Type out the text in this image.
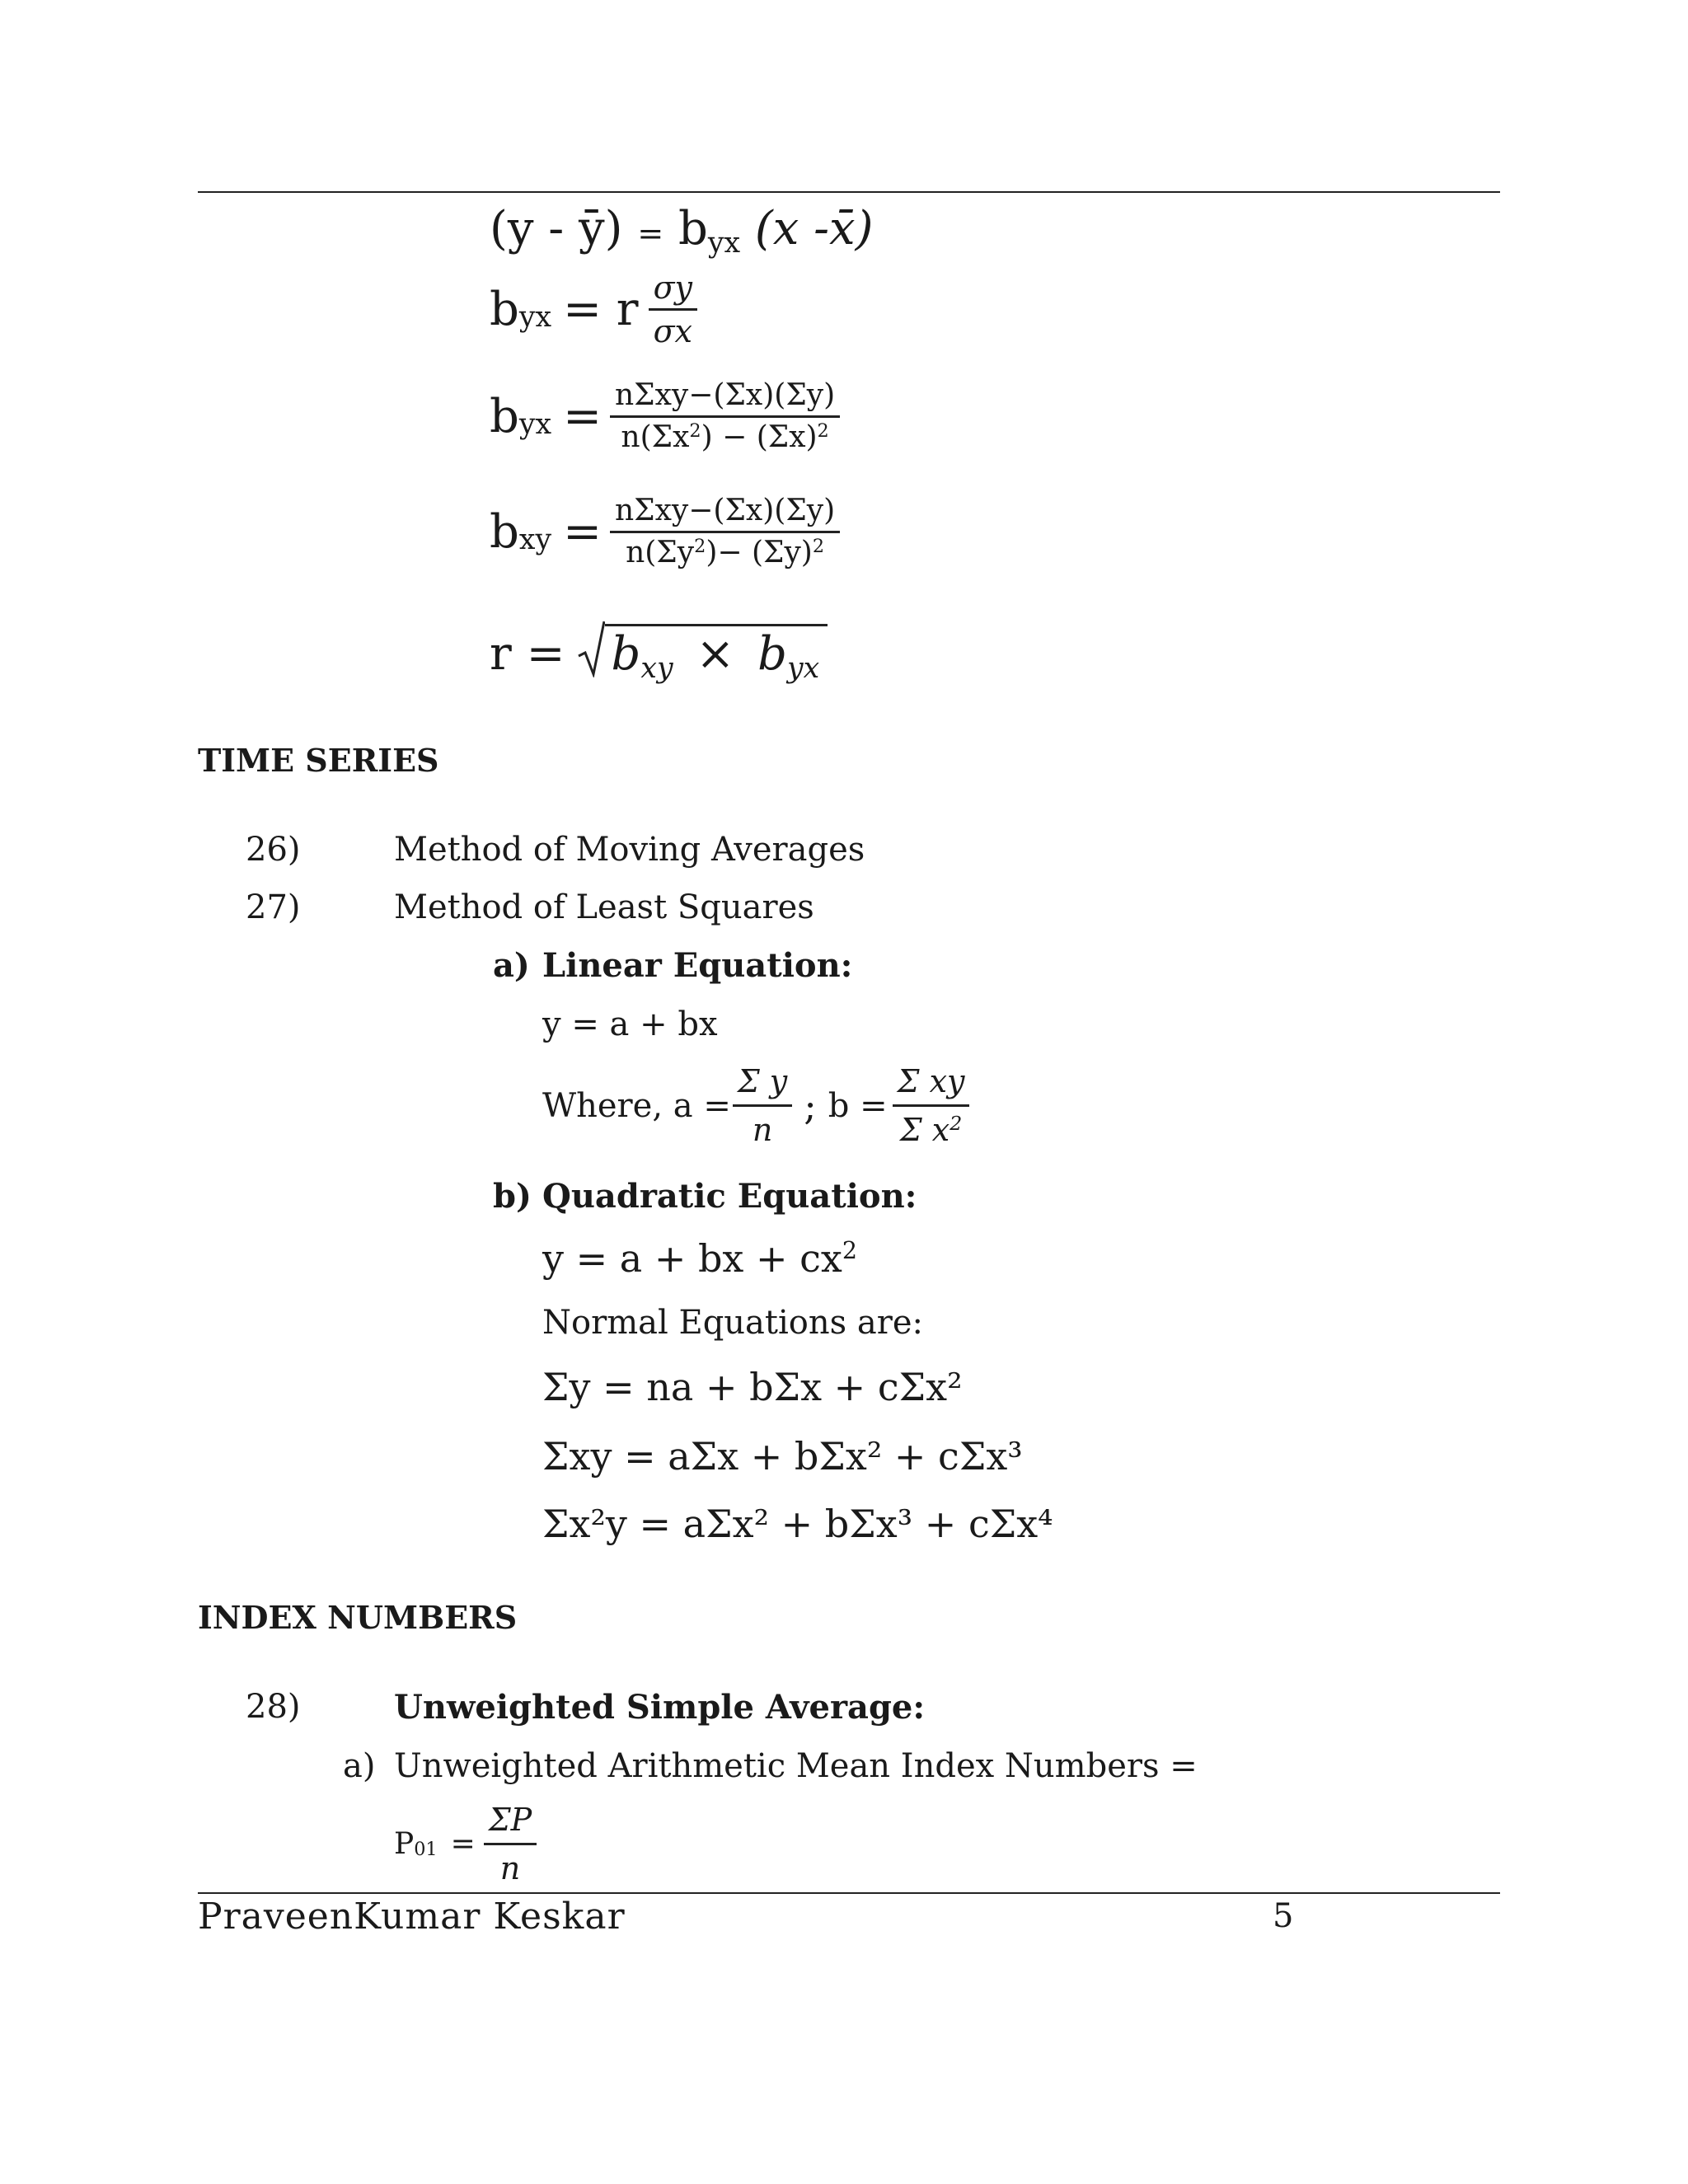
(y - ȳ) = byx (x -x̄)
b yx = r $\frac{\sigma y}{\sigma x}$
b yx = $\frac{\text{nΣxy−(Σx)(Σy)}}{n(\Sigma x^2) - (\Sigma x)^2}$
b xy = $\frac{\text{nΣxy−(Σx)(Σy)}}{n(\Sigma y^2)- (\Sigma y)^2}$
r = bxy × byx
TIME SERIES
26)	Method of Moving Averages
27)	Method of Least Squares
a) Linear Equation:
y = a + bx
Where, $a = \frac{\text{Σ y}}{n}$ ; $b = \frac{\text{Σ xy}}{\Sigma x^2}$
b) Quadratic Equation:
y = a + bx + $cx^2$
Normal Equations are:
Σy = na + bΣx + cΣx²
Σxy = aΣx + bΣx² + cΣx³
Σx²y = aΣx² + bΣx³ + cΣx⁴
INDEX NUMBERS
28)	Unweighted Simple Average:
a) Unweighted Arithmetic Mean Index Numbers =
P $01 = \frac{\Sigma P}{n}$
PraveenKumar Keskar	5
